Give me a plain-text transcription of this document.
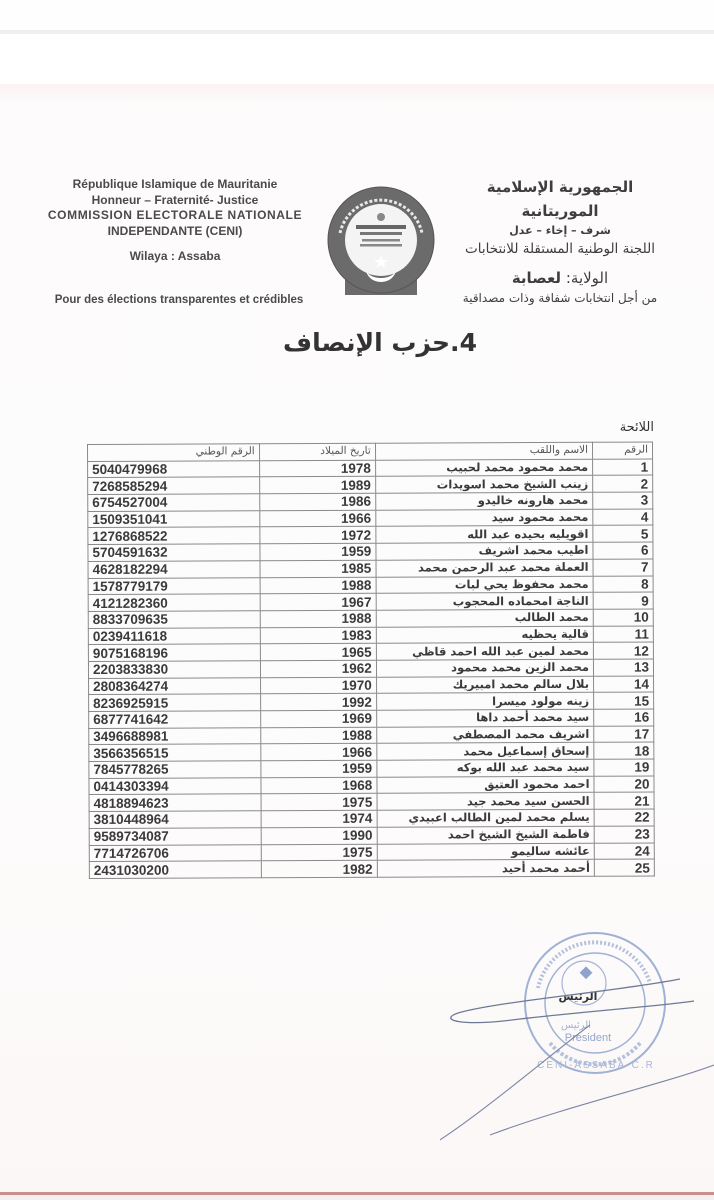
République Islamique de Mauritanie
Honneur – Fraternité- Justice
COMMISSION ELECTORALE NATIONALE
INDEPENDANTE (CENI)
Wilaya : Assaba
Pour des élections transparentes et crédibles
الجمهورية الإسلامية الموريتانية
شرف – إخاء – عدل
اللجنة الوطنية المستقلة للانتخابات
الولاية: لعصابة
من أجل انتخابات شفافة وذات مصداقية
4.حزب الإنصاف
اللائحة
الرقم	الاسم واللقب	تاريخ الميلاد	الرقم الوطني
1	محمد محمود محمد لحبيب	1978	5040479968
2	زينب الشيخ محمد اسويدات	1989	7268585294
3	محمد هارونه خاليدو	1986	6754527004
4	محمد محمود سيد	1966	1509351041
5	اقويليه بحيده عبد الله	1972	1276868522
6	اطيب محمد اشريف	1959	5704591632
7	العملة محمد عبد الرحمن محمد	1985	4628182294
8	محمد محفوظ يحي لبات	1988	1578779179
9	الناجة امحماده المحجوب	1967	4121282360
10	محمد الطالب	1988	8833709635
11	قالية يحظيه	1983	0239411618
12	محمد لمين عبد الله احمد قاظي	1965	9075168196
13	محمد الزين محمد محمود	1962	2203833830
14	بلال سالم محمد امبيريك	1970	2808364274
15	زينه مولود ميسرا	1992	8236925915
16	سيد محمد أحمد داها	1969	6877741642
17	اشريف محمد المصطفي	1988	3496688981
18	إسحاق إسماعيل محمد	1966	3566356515
19	سيد محمد عبد الله بوكه	1959	7845778265
20	احمد محمود العتيق	1968	0414303394
21	الحسن سيد محمد جيد	1975	4818894623
22	يسلم محمد لمين الطالب اعبيدي	1974	3810448964
23	فاطمة الشيخ الشيخ احمد	1990	9589734087
24	عائشه ساليمو	1975	7714726706
25	أحمد محمد أحيد	1982	2431030200
الرئيس
الرئيس
President
CENI-ASSABA-C.R
